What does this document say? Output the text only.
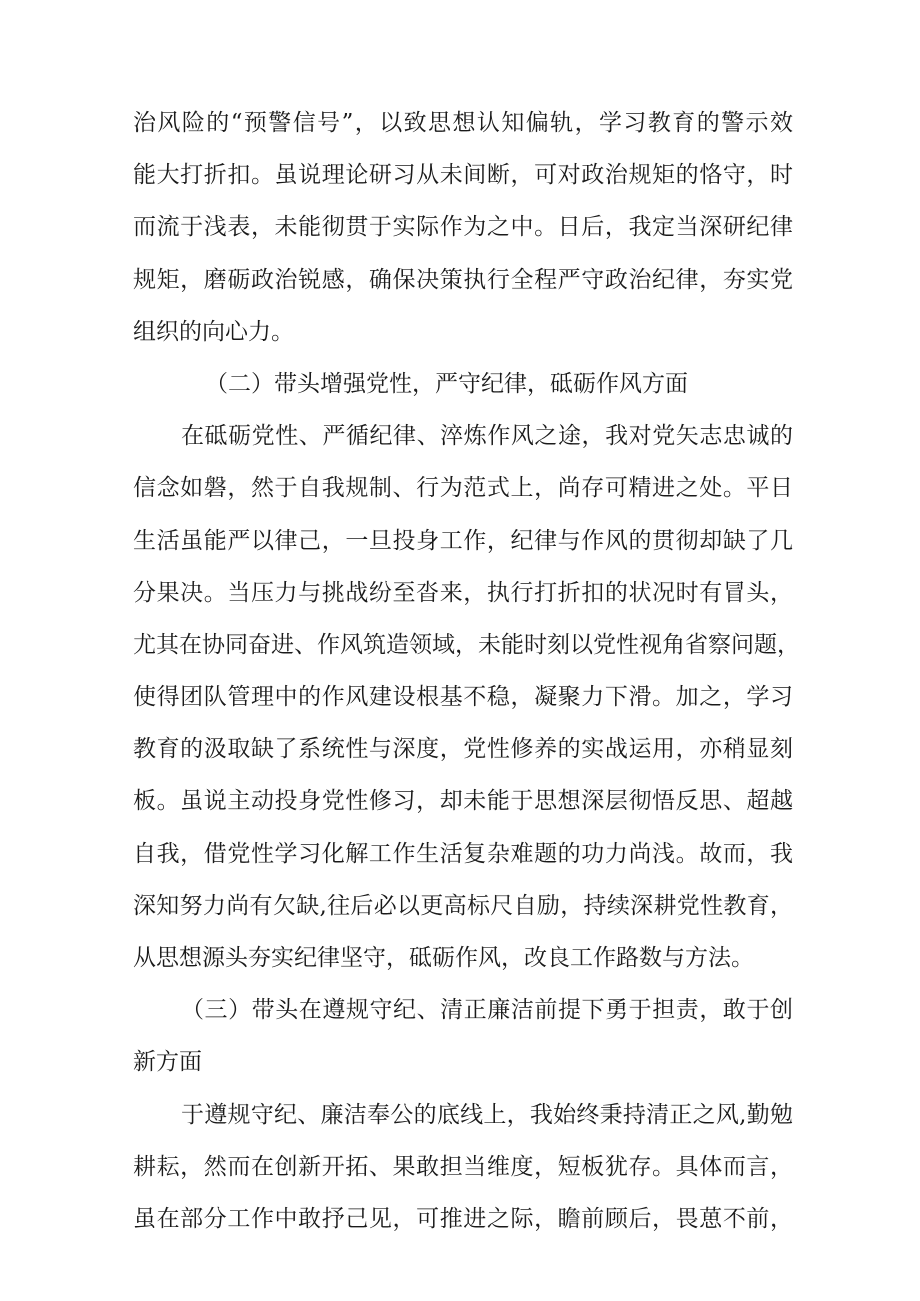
治风险的“预警信号”，以致思想认知偏轨，学习教育的警示效
能大打折扣。虽说理论研习从未间断，可对政治规矩的恪守，时
而流于浅表，未能彻贯于实际作为之中。日后，我定当深研纪律
规矩，磨砺政治锐感，确保决策执行全程严守政治纪律，夯实党
组织的向心力。
（二）带头增强党性，严守纪律，砥砺作风方面
在砥砺党性、严循纪律、淬炼作风之途，我对党矢志忠诚的
信念如磐，然于自我规制、行为范式上，尚存可精进之处。平日
生活虽能严以律己，一旦投身工作，纪律与作风的贯彻却缺了几
分果决。当压力与挑战纷至沓来，执行打折扣的状况时有冒头，
尤其在协同奋进、作风筑造领域，未能时刻以党性视角省察问题，
使得团队管理中的作风建设根基不稳，凝聚力下滑。加之，学习
教育的汲取缺了系统性与深度，党性修养的实战运用，亦稍显刻
板。虽说主动投身党性修习，却未能于思想深层彻悟反思、超越
自我，借党性学习化解工作生活复杂难题的功力尚浅。故而，我
深知努力尚有欠缺,往后必以更高标尺自励，持续深耕党性教育，
从思想源头夯实纪律坚守，砥砺作风，改良工作路数与方法。
（三）带头在遵规守纪、清正廉洁前提下勇于担责，敢于创
新方面
于遵规守纪、廉洁奉公的底线上，我始终秉持清正之风,勤勉
耕耘，然而在创新开拓、果敢担当维度，短板犹存。具体而言，
虽在部分工作中敢抒己见，可推进之际，瞻前顾后，畏葸不前，
